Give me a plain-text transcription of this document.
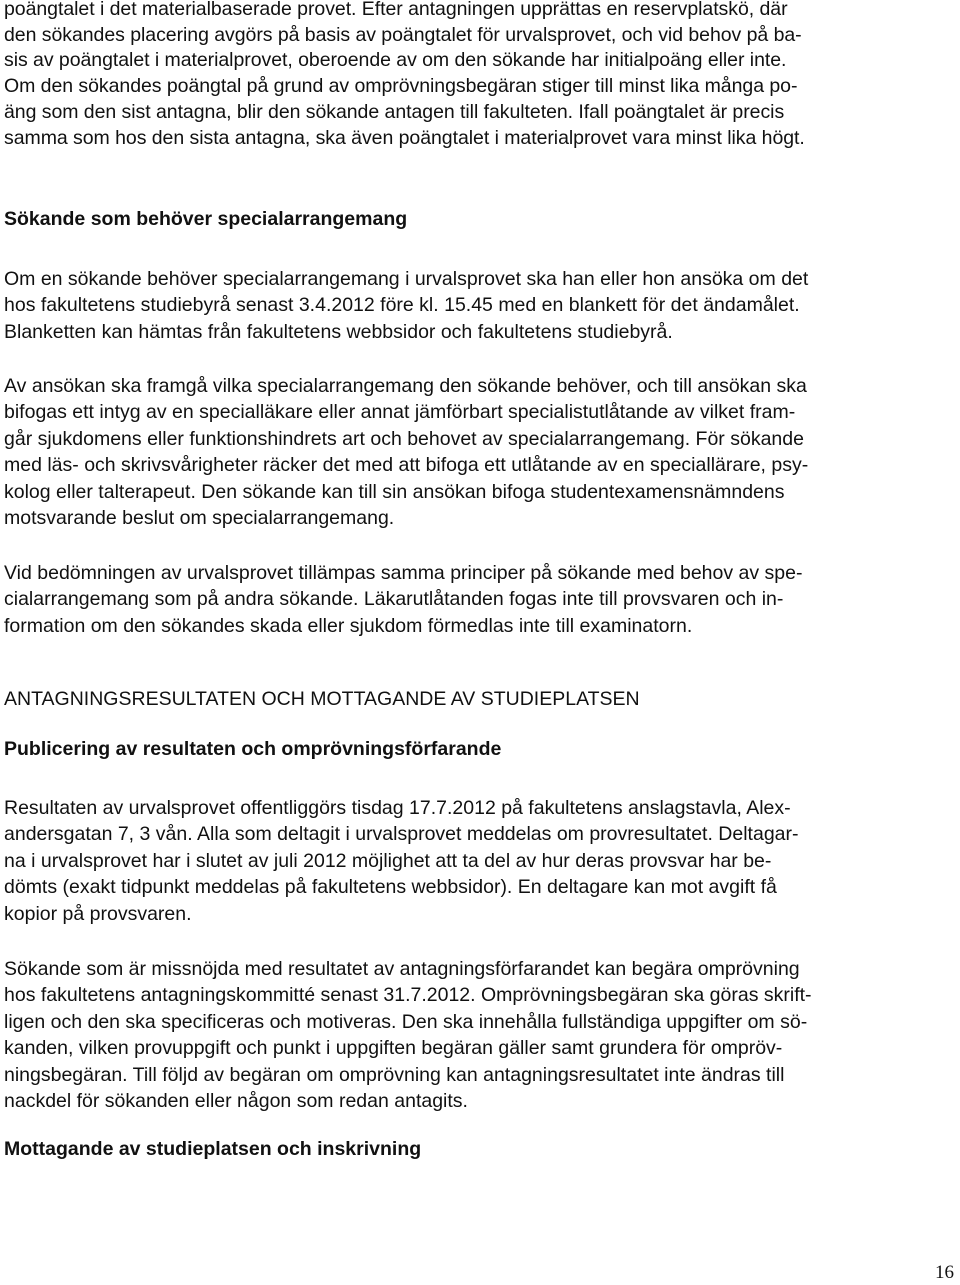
poängtalet i det materialbaserade provet. Efter antagningen upprättas en reservplatskö, där
den sökandes placering avgörs på basis av poängtalet för urvalsprovet, och vid behov på ba-
sis av poängtalet i materialprovet, oberoende av om den sökande har initialpoäng eller inte.
Om den sökandes poängtal på grund av omprövningsbegäran stiger till minst lika många po-
äng som den sist antagna, blir den sökande antagen till fakulteten. Ifall poängtalet är precis
samma som hos den sista antagna, ska även poängtalet i materialprovet vara minst lika högt.
Sökande som behöver specialarrangemang
Om en sökande behöver specialarrangemang i urvalsprovet ska han eller hon ansöka om det
hos fakultetens studiebyrå senast 3.4.2012 före kl. 15.45 med en blankett för det ändamålet.
Blanketten kan hämtas från fakultetens webbsidor och fakultetens studiebyrå.
Av ansökan ska framgå vilka specialarrangemang den sökande behöver, och till ansökan ska
bifogas ett intyg av en specialläkare eller annat jämförbart specialistutlåtande av vilket fram-
går sjukdomens eller funktionshindrets art och behovet av specialarrangemang. För sökande
med läs- och skrivsvårigheter räcker det med att bifoga ett utlåtande av en speciallärare, psy-
kolog eller talterapeut. Den sökande kan till sin ansökan bifoga studentexamensnämndens
motsvarande beslut om specialarrangemang.
Vid bedömningen av urvalsprovet tillämpas samma principer på sökande med behov av spe-
cialarrangemang som på andra sökande. Läkarutlåtanden fogas inte till provsvaren och in-
formation om den sökandes skada eller sjukdom förmedlas inte till examinatorn.
ANTAGNINGSRESULTATEN OCH MOTTAGANDE AV STUDIEPLATSEN
Publicering av resultaten och omprövningsförfarande
Resultaten av urvalsprovet offentliggörs tisdag 17.7.2012 på fakultetens anslagstavla, Alex-
andersgatan 7, 3 vån. Alla som deltagit i urvalsprovet meddelas om provresultatet. Deltagar-
na i urvalsprovet har i slutet av juli 2012 möjlighet att ta del av hur deras provsvar har be-
dömts (exakt tidpunkt meddelas på fakultetens webbsidor). En deltagare kan mot avgift få
kopior på provsvaren.
Sökande som är missnöjda med resultatet av antagningsförfarandet kan begära omprövning
hos fakultetens antagningskommitté senast 31.7.2012. Omprövningsbegäran ska göras skrift-
ligen och den ska specificeras och motiveras. Den ska innehålla fullständiga uppgifter om sö-
kanden, vilken provuppgift och punkt i uppgiften begäran gäller samt grundera för ompröv-
ningsbegäran. Till följd av begäran om omprövning kan antagningsresultatet inte ändras till
nackdel för sökanden eller någon som redan antagits.
Mottagande av studieplatsen och inskrivning
16
